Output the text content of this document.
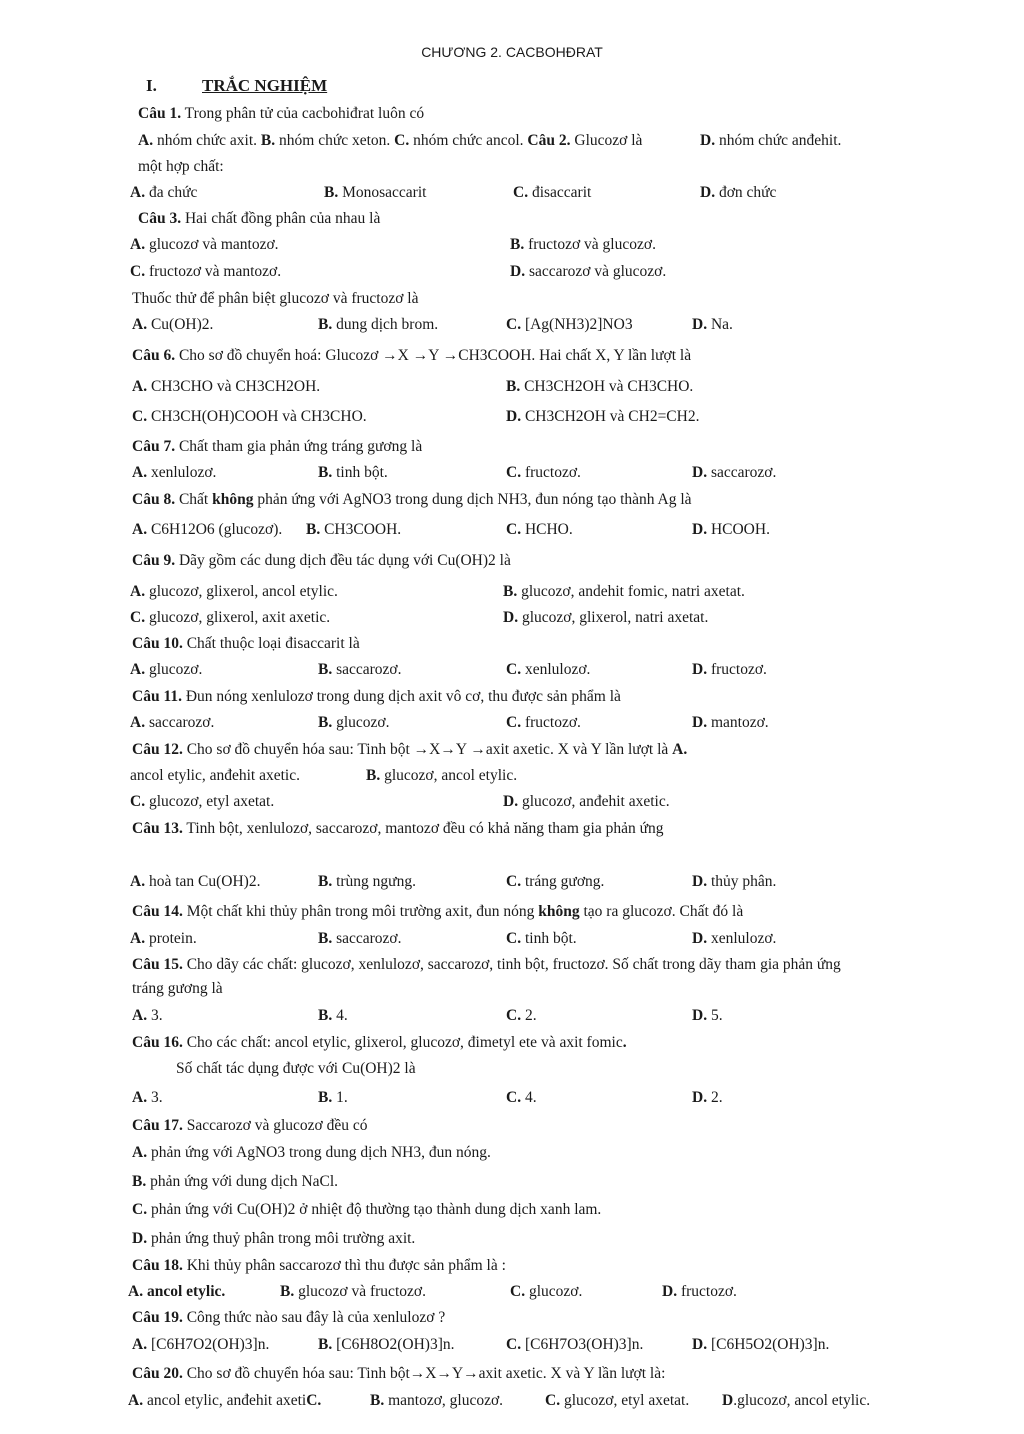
CHƯƠNG 2. CACBOHĐRAT
I.	TRẮC NGHIỆM
Câu 1. Trong phân tử của cacbohiđrat luôn có
A. nhóm chức axit. B. nhóm chức xeton. C. nhóm chức ancol. Câu 2. Glucozơ là	D. nhóm chức anđehit.
một hợp chất:
A. đa chức	B. Monosaccarit	C. đisaccarit	D. đơn chức
Câu 3. Hai chất đồng phân của nhau là
A. glucozơ và mantozơ.	B. fructozơ và glucozơ.
C. fructozơ và mantozơ.	D. saccarozơ và glucozơ.
Thuốc thử để phân biệt glucozơ và fructozơ là
A. Cu(OH)2.	B. dung dịch brom.	C. [Ag(NH3)2]NO3	D. Na.
Câu 6. Cho sơ đồ chuyển hoá: Glucozơ →X →Y →CH3COOH. Hai chất X, Y lần lượt là
A. CH3CHO và CH3CH2OH.	B. CH3CH2OH và CH3CHO.
C. CH3CH(OH)COOH và CH3CHO.	D. CH3CH2OH và CH2=CH2.
Câu 7. Chất tham gia phản ứng tráng gương là
A. xenlulozơ.	B. tinh bột.	C. fructozơ.	D. saccarozơ.
Câu 8. Chất không phản ứng với AgNO3 trong dung dịch NH3, đun nóng tạo thành Ag là
A. C6H12O6 (glucozơ). B. CH3COOH.	C. HCHO.	D. HCOOH.
Câu 9. Dãy gồm các dung dịch đều tác dụng với Cu(OH)2 là
A. glucozơ, glixerol, ancol etylic.	B. glucozơ, andehit fomic, natri axetat.
C. glucozơ, glixerol, axit axetic.	D. glucozơ, glixerol, natri axetat.
Câu 10. Chất thuộc loại đisaccarit là
A. glucozơ.	B. saccarozơ.	C. xenlulozơ.	D. fructozơ.
Câu 11. Đun nóng xenlulozơ trong dung dịch axit vô cơ, thu được sản phẩm là
A. saccarozơ.	B. glucozơ.	C. fructozơ.	D. mantozơ.
Câu 12. Cho sơ đồ chuyển hóa sau: Tinh bột →X→Y →axit axetic. X và Y lần lượt là A.
ancol etylic, anđehit axetic.	B. glucozơ, ancol etylic.
C. glucozơ, etyl axetat.	D. glucozơ, anđehit axetic.
Câu 13. Tinh bột, xenlulozơ, saccarozơ, mantozơ đều có khả năng tham gia phản ứng
A. hoà tan Cu(OH)2.	B. trùng ngưng.	C. tráng gương.	D. thủy phân.
Câu 14. Một chất khi thủy phân trong môi trường axit, đun nóng không tạo ra glucozơ. Chất đó là
A. protein.	B. saccarozơ.	C. tinh bột.	D. xenlulozơ.
Câu 15. Cho dãy các chất: glucozơ, xenlulozơ, saccarozơ, tinh bột, fructozơ. Số chất trong dãy tham gia phản ứng
tráng gương là
A. 3.	B. 4.	C. 2.	D. 5.
Câu 16. Cho các chất: ancol etylic, glixerol, glucozơ, đimetyl ete và axit fomic.
Số chất tác dụng được với Cu(OH)2 là
A. 3.	B. 1.	C. 4.	D. 2.
Câu 17. Saccarozơ và glucozơ đều có
A. phản ứng với AgNO3 trong dung dịch NH3, đun nóng.
B. phản ứng với dung dịch NaCl.
C. phản ứng với Cu(OH)2 ở nhiệt độ thường tạo thành dung dịch xanh lam.
D. phản ứng thuỷ phân trong môi trường axit.
Câu 18. Khi thủy phân saccarozơ thì thu được sản phẩm là :
A. ancol etylic.	B. glucozơ và fructozơ.	C. glucozơ.	D. fructozơ.
Câu 19. Công thức nào sau đây là của xenlulozơ ?
A. [C6H7O2(OH)3]n.	B. [C6H8O2(OH)3]n.	C. [C6H7O3(OH)3]n.	D. [C6H5O2(OH)3]n.
Câu 20. Cho sơ đồ chuyển hóa sau: Tinh bột→X→Y→axit axetic. X và Y lần lượt là:
A. ancol etylic, anđehit axetiC.	B. mantozơ, glucozơ.	C. glucozơ, etyl axetat. D.glucozơ, ancol etylic.
